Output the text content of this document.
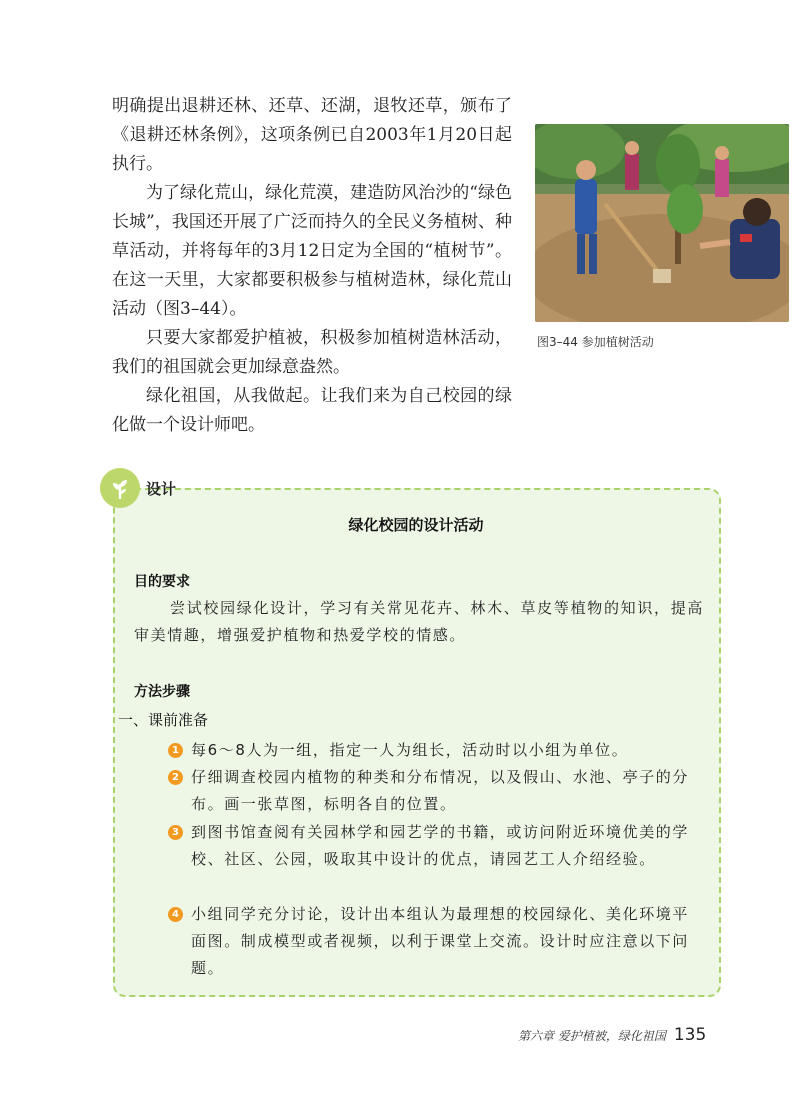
明确提出退耕还林、还草、还湖，退牧还草，颁布了《退耕还林条例》，这项条例已自2003年1月20日起执行。

为了绿化荒山，绿化荒漠，建造防风治沙的“绿色长城”，我国还开展了广泛而持久的全民义务植树、种草活动，并将每年的3月12日定为全国的“植树节”。在这一天里，大家都要积极参与植树造林，绿化荒山活动（图3–44）。

只要大家都爱护植被，积极参加植树造林活动，我们的祖国就会更加绿意盎然。

绿化祖国，从我做起。让我们来为自己校园的绿化做一个设计师吧。

图3–44 参加植树活动
设计
绿化校园的设计活动
目的要求
尝试校园绿化设计，学习有关常见花卉、林木、草皮等植物的知识，提高审美情趣，增强爱护植物和热爱学校的情感。
方法步骤
一、课前准备
1 每6～8人为一组，指定一人为组长，活动时以小组为单位。
2 仔细调查校园内植物的种类和分布情况，以及假山、水池、亭子的分布。画一张草图，标明各自的位置。
3 到图书馆查阅有关园林学和园艺学的书籍，或访问附近环境优美的学校、社区、公园，吸取其中设计的优点，请园艺工人介绍经验。
4 小组同学充分讨论，设计出本组认为最理想的校园绿化、美化环境平面图。制成模型或者视频，以利于课堂上交流。设计时应注意以下问题。
第六章 爱护植被，绿化祖国 135
